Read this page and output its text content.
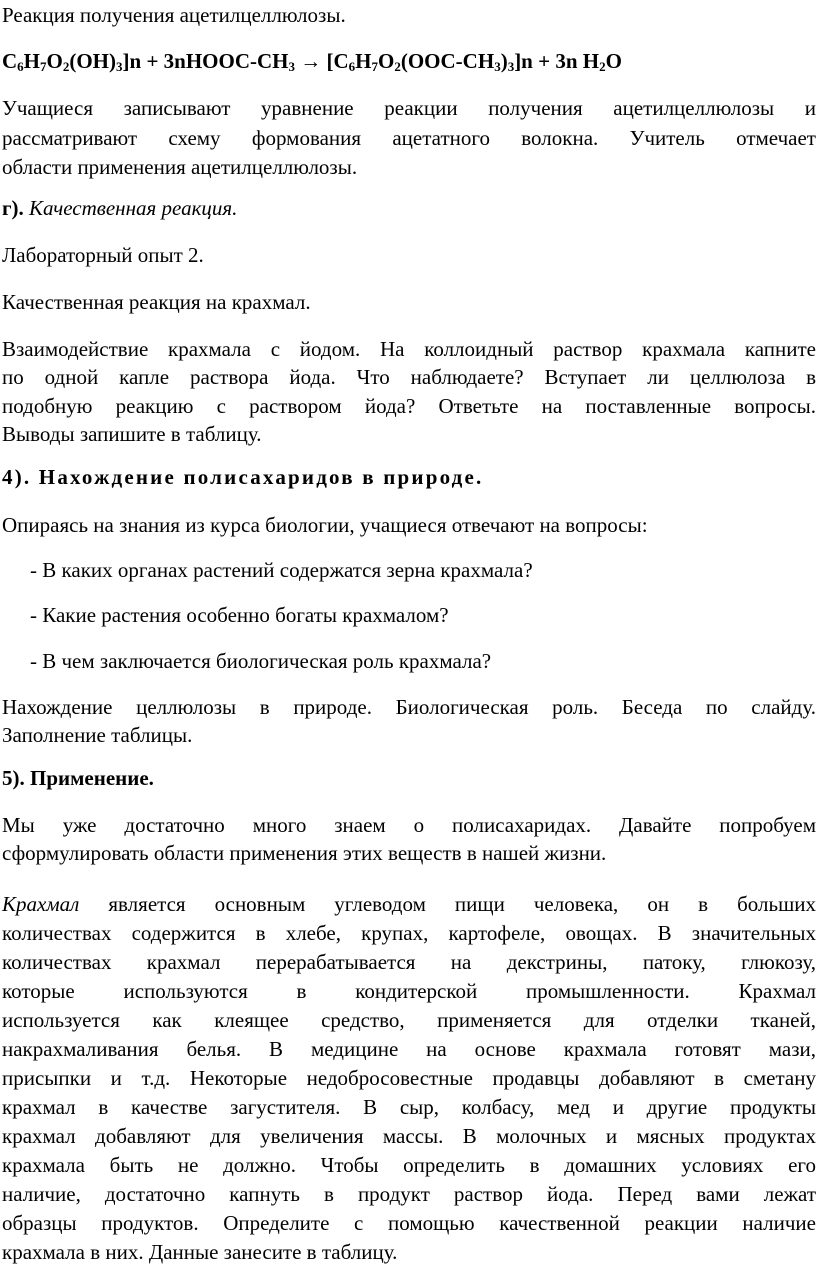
Реакция получения ацетилцеллюлозы.
$C_6H_7O_2(OH)_3]n$ + $3nHOOC-CH_3 \to [C_6H_7O_2(OOC-CH_3)_3]n + 3n$ $H_2O$
Учащиеся записывают уравнение реакции получения ацетилцеллюлозы и
рассматривают схему формования ацетатного волокна. Учитель отмечает
области применения ацетилцеллюлозы.
г). Качественная реакция.
Лабораторный опыт 2.
Качественная реакция на крахмал.
Взаимодействие крахмала с йодом. На коллоидный раствор крахмала капните
по одной капле раствора йода. Что наблюдаете? Вступает ли целлюлоза в
подобную реакцию с раствором йода? Ответьте на поставленные вопросы.
Выводы запишите в таблицу.
4). Нахождение полисахаридов в природе.
Опираясь на знания из курса биологии, учащиеся отвечают на вопросы:
- В каких органах растений содержатся зерна крахмала?
- Какие растения особенно богаты крахмалом?
- В чем заключается биологическая роль крахмала?
Нахождение целлюлозы в природе. Биологическая роль. Беседа по слайду.
Заполнение таблицы.
5). Применение.
Мы уже достаточно много знаем о полисахаридах. Давайте попробуем
сформулировать области применения этих веществ в нашей жизни.
Крахмал является основным углеводом пищи человека, он в больших
количествах содержится в хлебе, крупах, картофеле, овощах. В значительных
количествах крахмал перерабатывается на декстрины, патоку, глюкозу,
которые используются в кондитерской промышленности. Крахмал
используется как клеящее средство, применяется для отделки тканей,
накрахмаливания белья. В медицине на основе крахмала готовят мази,
присыпки и т.д. Некоторые недобросовестные продавцы добавляют в сметану
крахмал в качестве загустителя. В сыр, колбасу, мед и другие продукты
крахмал добавляют для увеличения массы. В молочных и мясных продуктах
крахмала быть не должно. Чтобы определить в домашних условиях его
наличие, достаточно капнуть в продукт раствор йода. Перед вами лежат
образцы продуктов. Определите с помощью качественной реакции наличие
крахмала в них. Данные занесите в таблицу.
